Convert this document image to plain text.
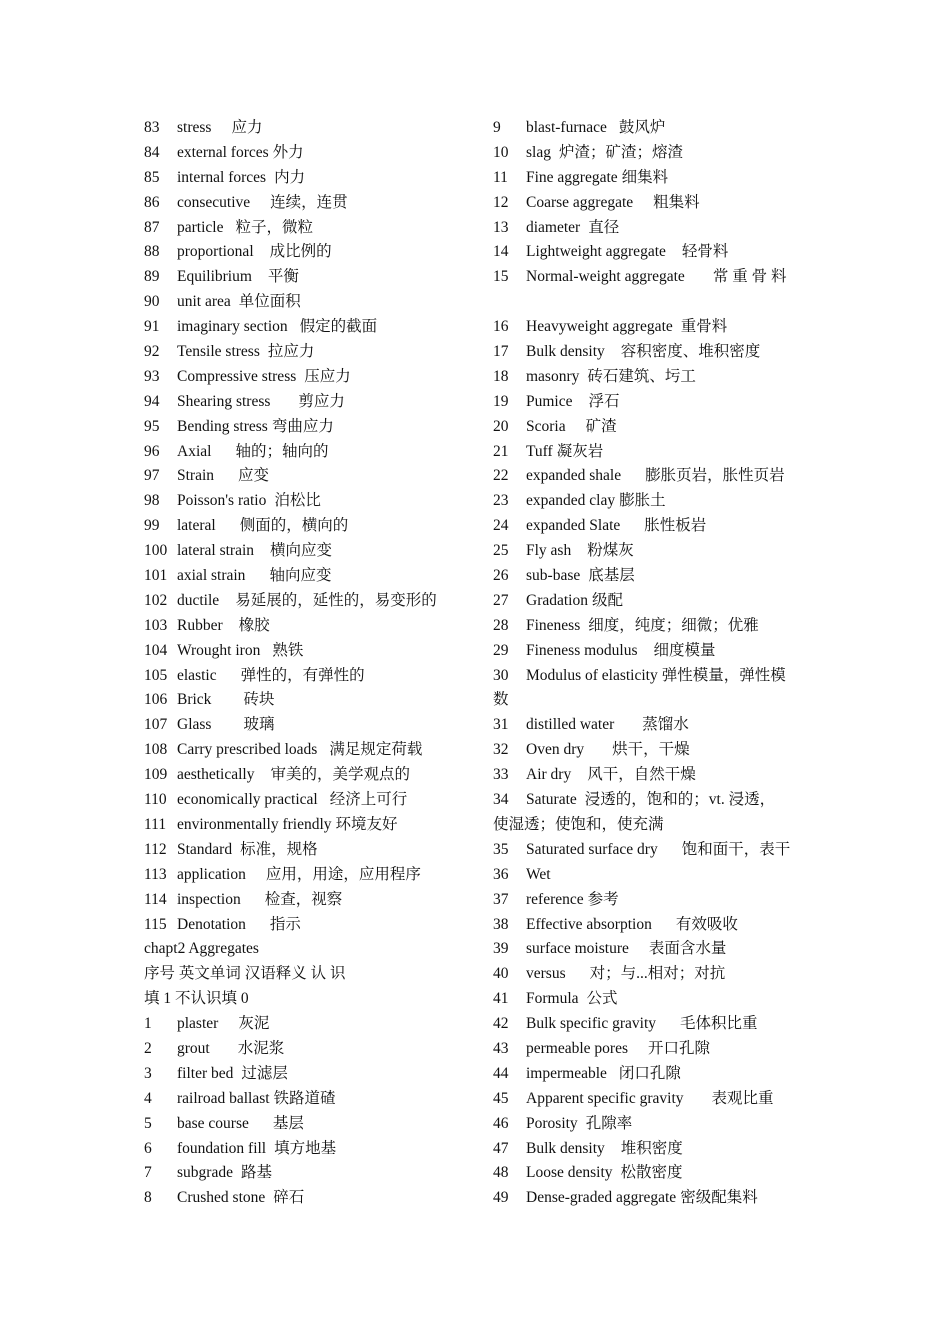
83 stress 应力
84 external forces 外力
85 internal forces 内力
86 consecutive 连续，连贯
87 particle 粒子，微粒
88 proportional 成比例的
89 Equilibrium 平衡
90 unit area 单位面积
91 imaginary section 假定的截面
92 Tensile stress 拉应力
93 Compressive stress 压应力
94 Shearing stress 剪应力
95 Bending stress 弯曲应力
96 Axial 轴的；轴向的
97 Strain 应变
98 Poisson's ratio 泊松比
99 lateral 侧面的，横向的
100 lateral strain 横向应变
101 axial strain 轴向应变
102 ductile 易延展的，延性的，易变形的
103 Rubber 橡胶
104 Wrought iron 熟铁
105 elastic 弹性的，有弹性的
106 Brick 砖块
107 Glass 玻璃
108 Carry prescribed loads 满足规定荷载
109 aesthetically 审美的，美学观点的
110 economically practical 经济上可行
111 environmentally friendly 环境友好
112 Standard 标准，规格
113 application 应用，用途，应用程序
114 inspection 检查，视察
115 Denotation 指示
chapt2 Aggregates
序号 英文单词 汉语释义 认 识
填 1 不认识填 0
1 plaster 灰泥
2 grout 水泥浆
3 filter bed 过滤层
4 railroad ballast 铁路道碴
5 base course 基层
6 foundation fill 填方地基
7 subgrade 路基
8 Crushed stone 碎石
9 blast-furnace 鼓风炉
10 slag 炉渣；矿渣；熔渣
11 Fine aggregate 细集料
12 Coarse aggregate 粗集料
13 diameter 直径
14 Lightweight aggregate 轻骨料
15 Normal-weight aggregate 常 重 骨 料
16 Heavyweight aggregate 重骨料
17 Bulk density 容积密度、堆积密度
18 masonry 砖石建筑、圬工
19 Pumice 浮石
20 Scoria 矿渣
21 Tuff 凝灰岩
22 expanded shale 膨胀页岩，胀性页岩
23 expanded clay 膨胀土
24 expanded Slate 胀性板岩
25 Fly ash 粉煤灰
26 sub-base 底基层
27 Gradation 级配
28 Fineness 细度，纯度；细微；优雅
29 Fineness modulus 细度模量
30 Modulus of elasticity 弹性模量，弹性模
数
31 distilled water 蒸馏水
32 Oven dry 烘干，干燥
33 Air dry 风干，自然干燥
34 Saturate 浸透的，饱和的；vt. 浸透，
使湿透；使饱和，使充满
35 Saturated surface dry 饱和面干，表干
36 Wet
37 reference 参考
38 Effective absorption 有效吸收
39 surface moisture 表面含水量
40 versus 对；与...相对；对抗
41 Formula 公式
42 Bulk specific gravity 毛体积比重
43 permeable pores 开口孔隙
44 impermeable 闭口孔隙
45 Apparent specific gravity 表观比重
46 Porosity 孔隙率
47 Bulk density 堆积密度
48 Loose density 松散密度
49 Dense-graded aggregate 密级配集料
